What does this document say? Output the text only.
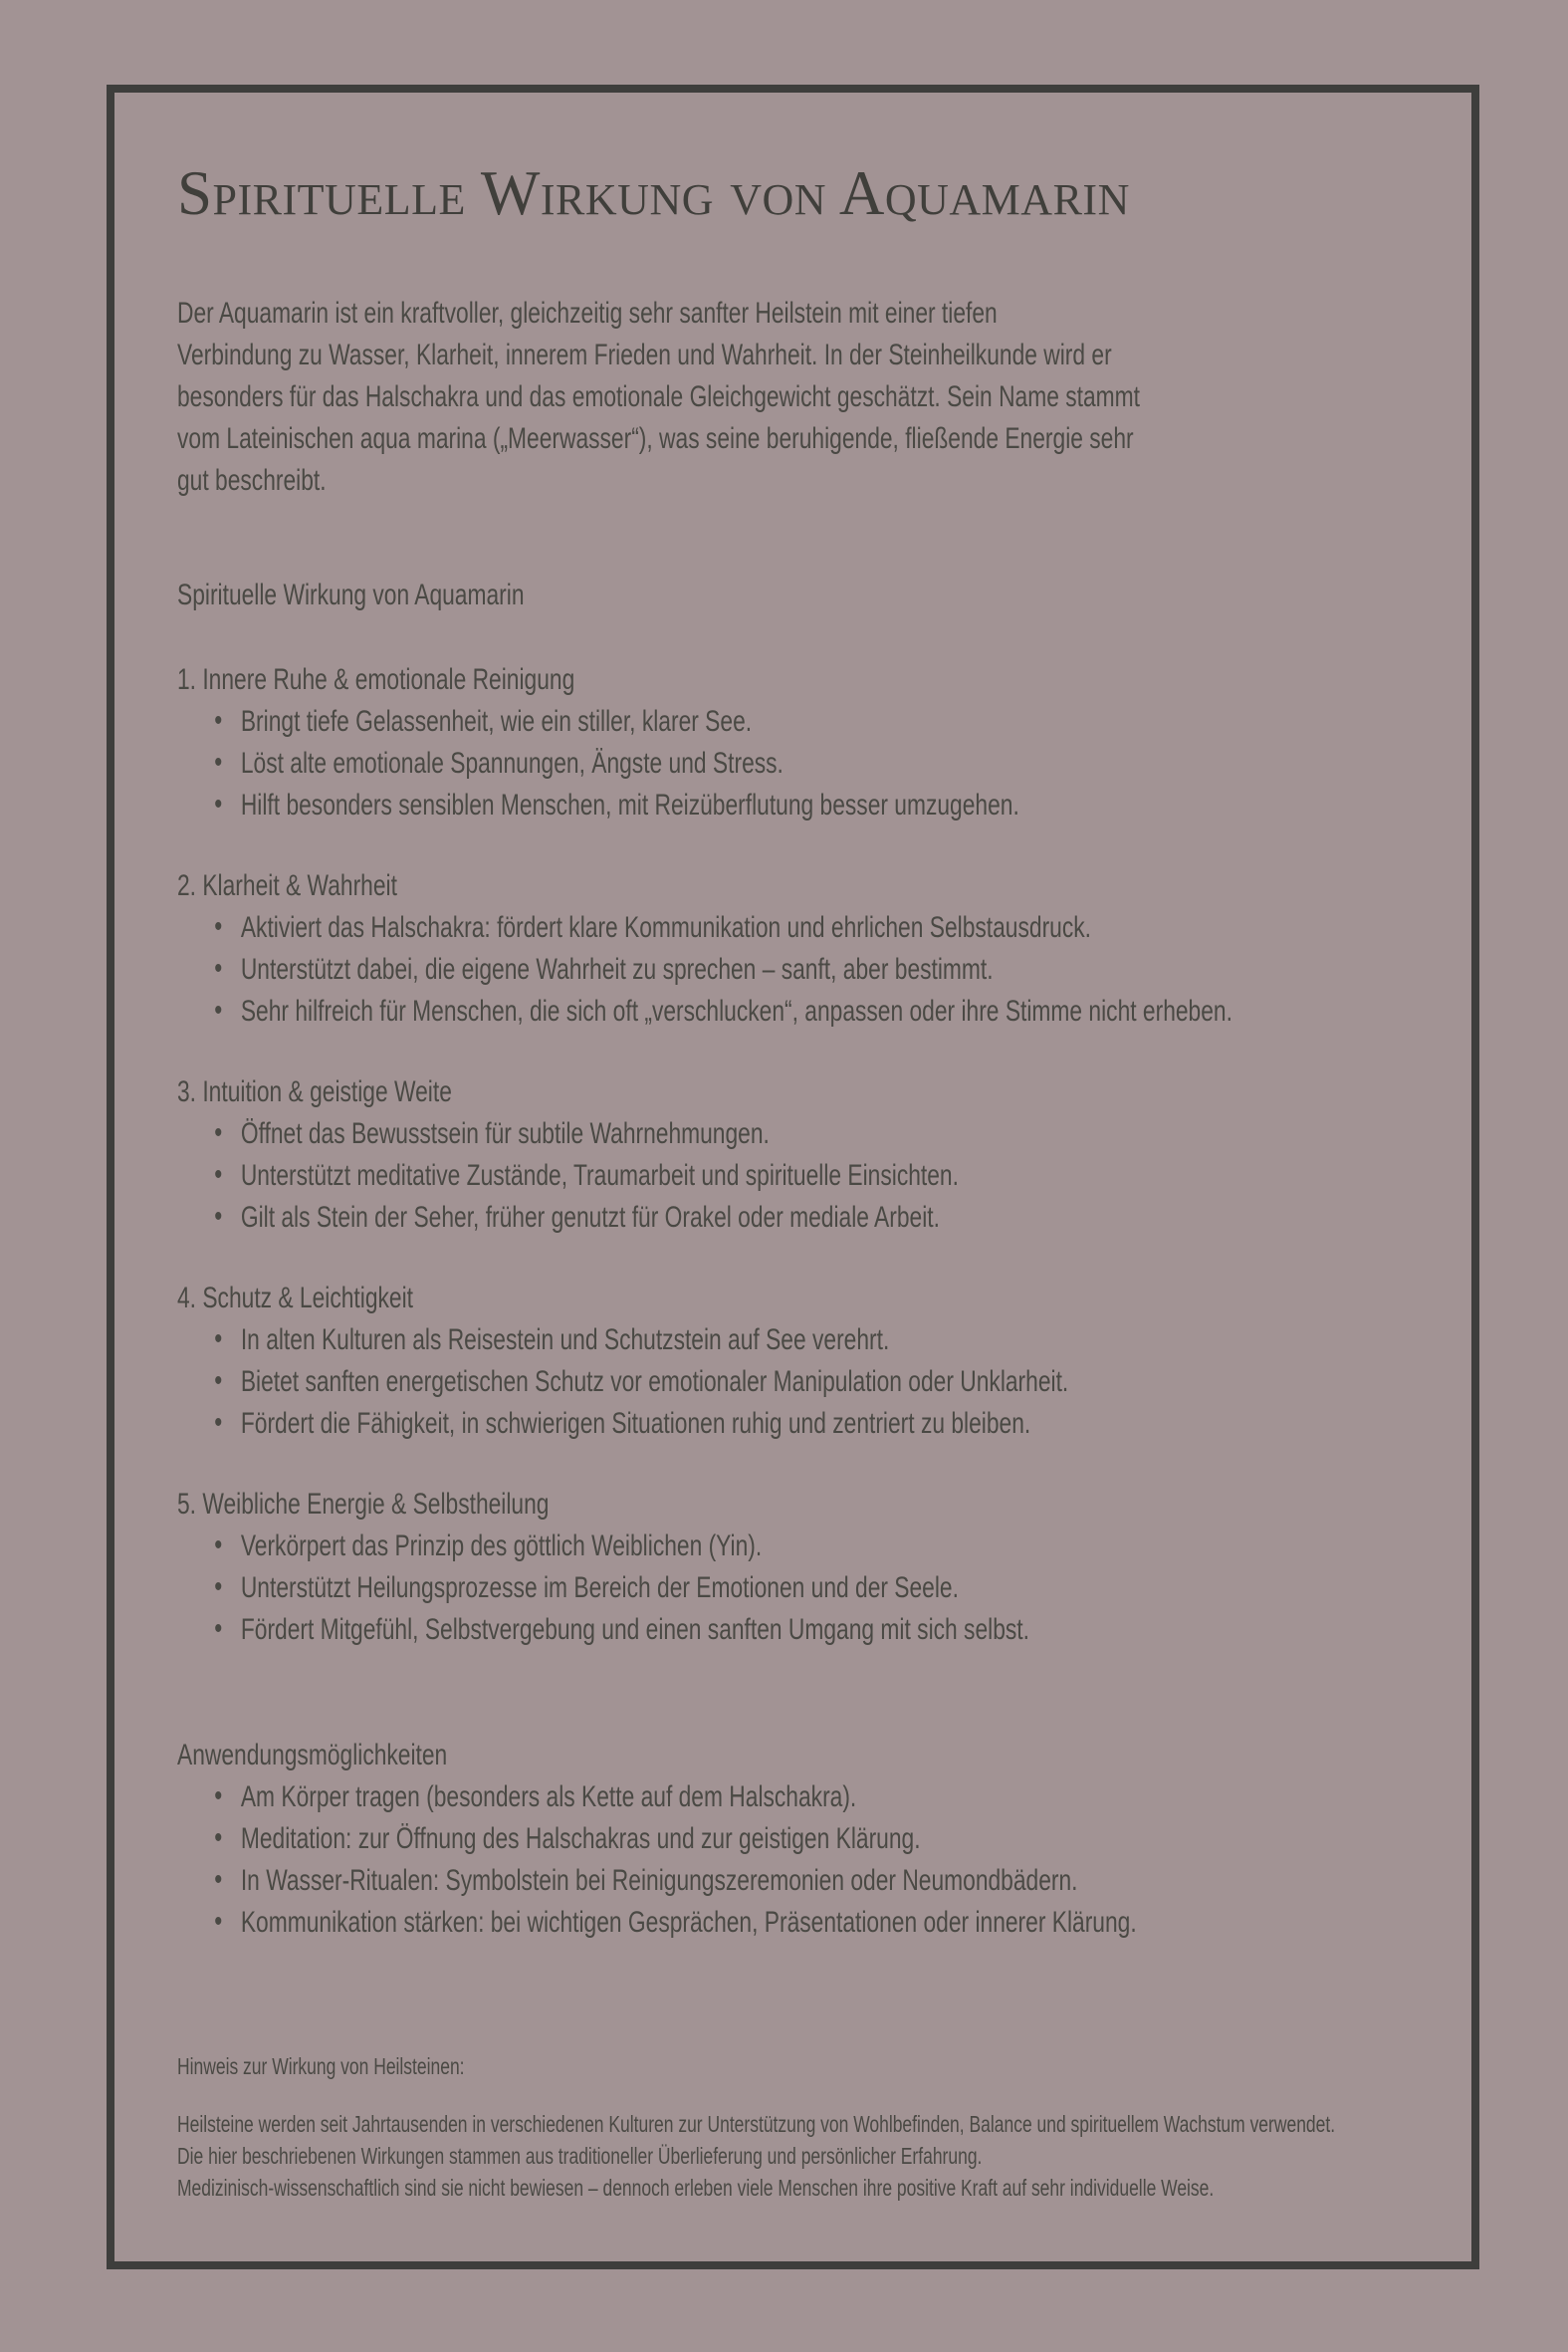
Spirituelle Wirkung von Aquamarin
Der Aquamarin ist ein kraftvoller, gleichzeitig sehr sanfter Heilstein mit einer tiefen
Verbindung zu Wasser, Klarheit, innerem Frieden und Wahrheit. In der Steinheilkunde wird er
besonders für das Halschakra und das emotionale Gleichgewicht geschätzt. Sein Name stammt
vom Lateinischen aqua marina („Meerwasser“), was seine beruhigende, fließende Energie sehr
gut beschreibt.
Spirituelle Wirkung von Aquamarin
1. Innere Ruhe & emotionale Reinigung
• Bringt tiefe Gelassenheit, wie ein stiller, klarer See.
• Löst alte emotionale Spannungen, Ängste und Stress.
• Hilft besonders sensiblen Menschen, mit Reizüberflutung besser umzugehen.
2. Klarheit & Wahrheit
• Aktiviert das Halschakra: fördert klare Kommunikation und ehrlichen Selbstausdruck.
• Unterstützt dabei, die eigene Wahrheit zu sprechen – sanft, aber bestimmt.
• Sehr hilfreich für Menschen, die sich oft „verschlucken“, anpassen oder ihre Stimme nicht erheben.
3. Intuition & geistige Weite
• Öffnet das Bewusstsein für subtile Wahrnehmungen.
• Unterstützt meditative Zustände, Traumarbeit und spirituelle Einsichten.
• Gilt als Stein der Seher, früher genutzt für Orakel oder mediale Arbeit.
4. Schutz & Leichtigkeit
• In alten Kulturen als Reisestein und Schutzstein auf See verehrt.
• Bietet sanften energetischen Schutz vor emotionaler Manipulation oder Unklarheit.
• Fördert die Fähigkeit, in schwierigen Situationen ruhig und zentriert zu bleiben.
5. Weibliche Energie & Selbstheilung
• Verkörpert das Prinzip des göttlich Weiblichen (Yin).
• Unterstützt Heilungsprozesse im Bereich der Emotionen und der Seele.
• Fördert Mitgefühl, Selbstvergebung und einen sanften Umgang mit sich selbst.
Anwendungsmöglichkeiten
• Am Körper tragen (besonders als Kette auf dem Halschakra).
• Meditation: zur Öffnung des Halschakras und zur geistigen Klärung.
• In Wasser-Ritualen: Symbolstein bei Reinigungszeremonien oder Neumondbädern.
• Kommunikation stärken: bei wichtigen Gesprächen, Präsentationen oder innerer Klärung.
Hinweis zur Wirkung von Heilsteinen:
Heilsteine werden seit Jahrtausenden in verschiedenen Kulturen zur Unterstützung von Wohlbefinden, Balance und spirituellem Wachstum verwendet.
Die hier beschriebenen Wirkungen stammen aus traditioneller Überlieferung und persönlicher Erfahrung.
Medizinisch-wissenschaftlich sind sie nicht bewiesen – dennoch erleben viele Menschen ihre positive Kraft auf sehr individuelle Weise.
